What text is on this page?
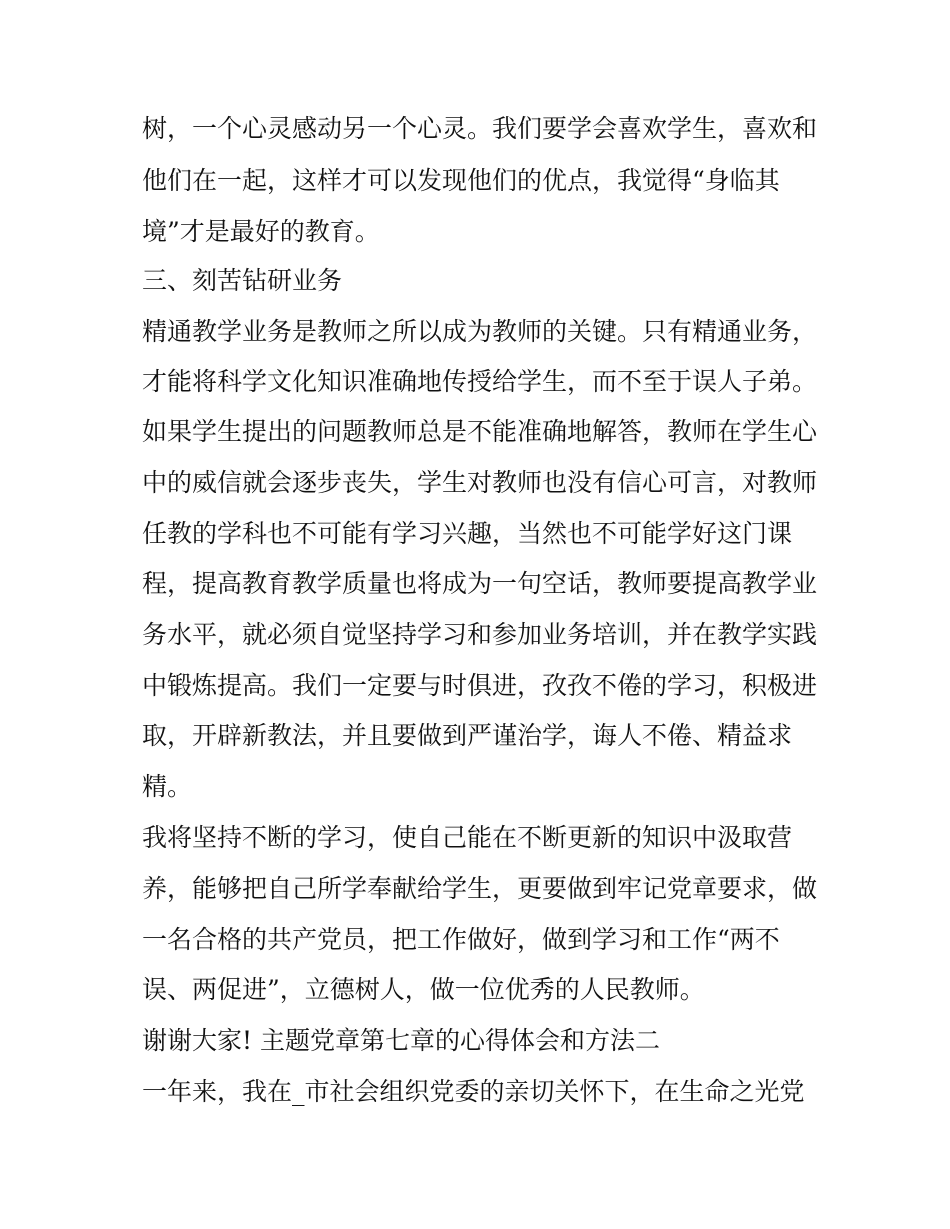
树，一个心灵感动另一个心灵。我们要学会喜欢学生，喜欢和
他们在一起，这样才可以发现他们的优点，我觉得“身临其
境”才是最好的教育。
三、刻苦钻研业务
精通教学业务是教师之所以成为教师的关键。只有精通业务，
才能将科学文化知识准确地传授给学生，而不至于误人子弟。
如果学生提出的问题教师总是不能准确地解答，教师在学生心
中的威信就会逐步丧失，学生对教师也没有信心可言，对教师
任教的学科也不可能有学习兴趣，当然也不可能学好这门课
程，提高教育教学质量也将成为一句空话，教师要提高教学业
务水平，就必须自觉坚持学习和参加业务培训，并在教学实践
中锻炼提高。我们一定要与时俱进，孜孜不倦的学习，积极进
取，开辟新教法，并且要做到严谨治学，诲人不倦、精益求
精。
我将坚持不断的学习，使自己能在不断更新的知识中汲取营
养，能够把自己所学奉献给学生，更要做到牢记党章要求，做
一名合格的共产党员，把工作做好，做到学习和工作“两不
误、两促进”，立德树人，做一位优秀的人民教师。
谢谢大家! 主题党章第七章的心得体会和方法二
一年来，我在_市社会组织党委的亲切关怀下，在生命之光党
